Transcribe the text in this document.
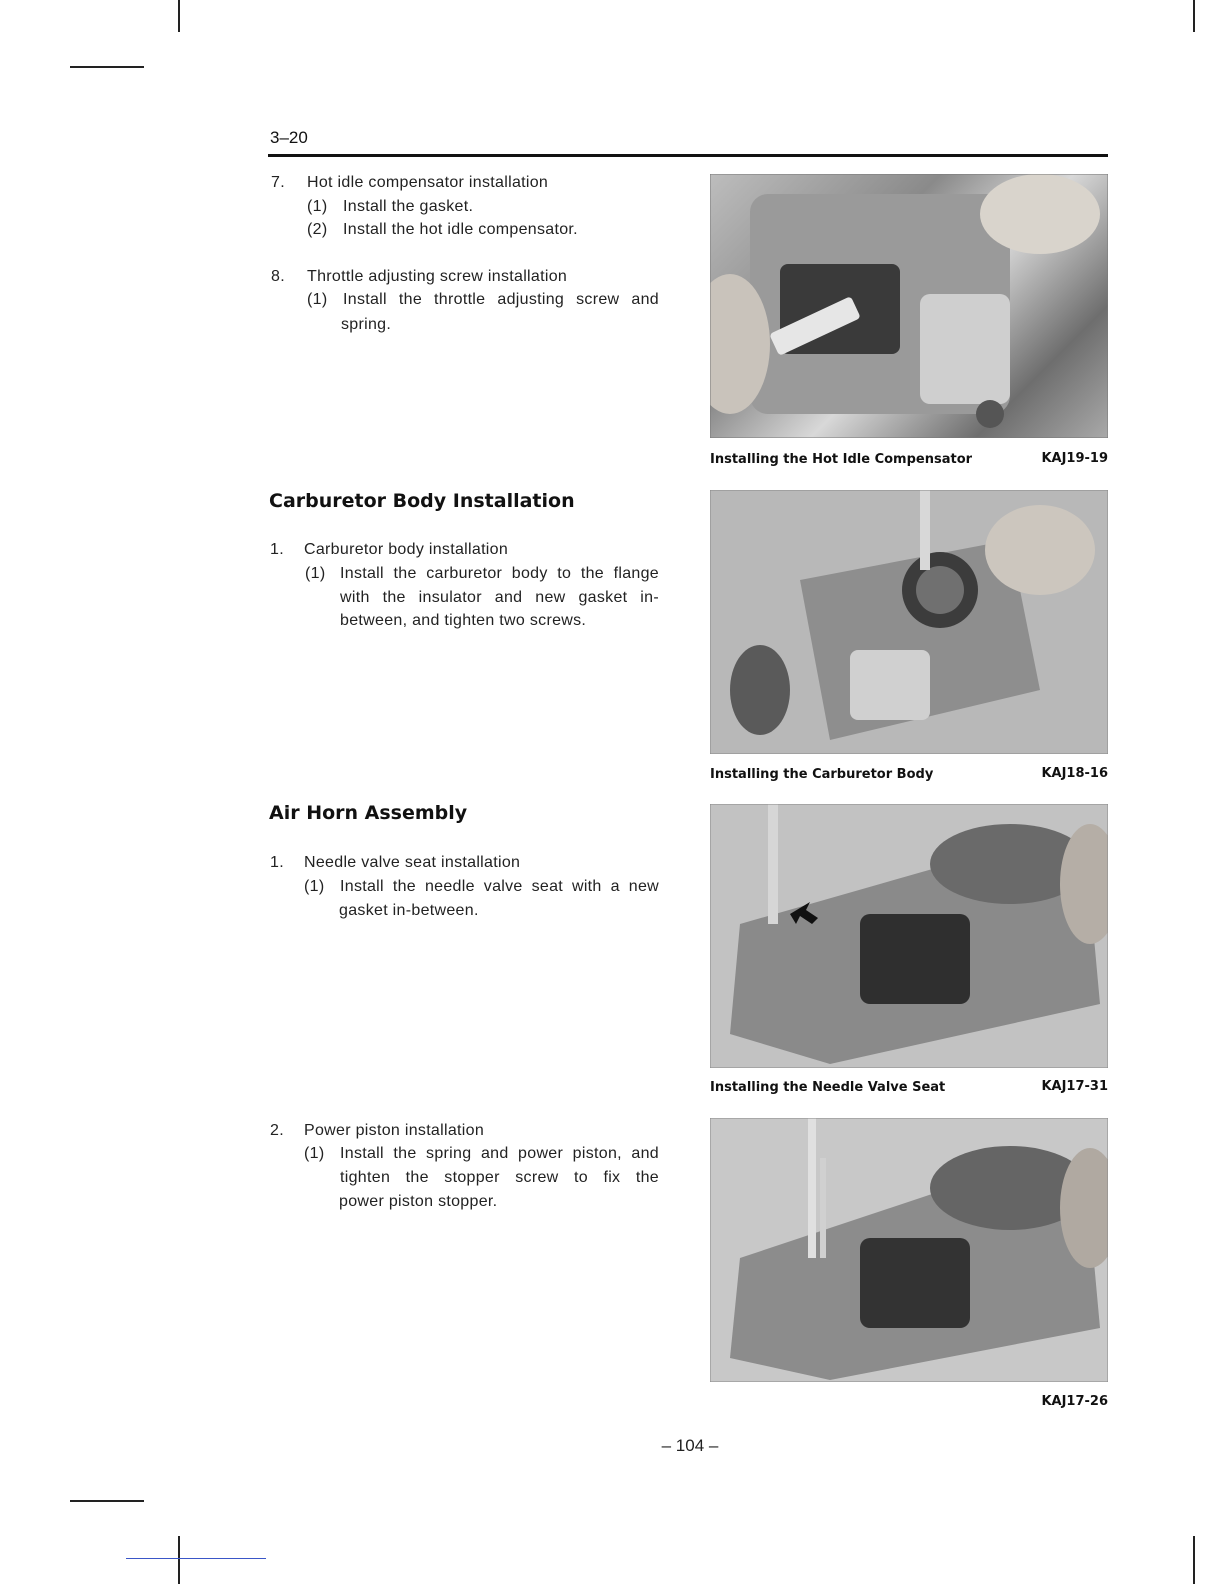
3–20
7. Hot idle compensator installation
(1) Install the gasket.
(2) Install the hot idle compensator.
8. Throttle adjusting screw installation
(1) Install the throttle adjusting screw and
spring.
Carburetor Body Installation
1. Carburetor body installation
(1) Install the carburetor body to the flange
with the insulator and new gasket in-
between, and tighten two screws.
Air Horn Assembly
1. Needle valve seat installation
(1) Install the needle valve seat with a new
gasket in-between.
2. Power piston installation
(1) Install the spring and power piston, and
tighten the stopper screw to fix the
power piston stopper.
Installing the Hot Idle Compensator	KAJ19-19
Installing the Carburetor Body	KAJ18-16
Installing the Needle Valve Seat	KAJ17-31
KAJ17-26
– 104 –
